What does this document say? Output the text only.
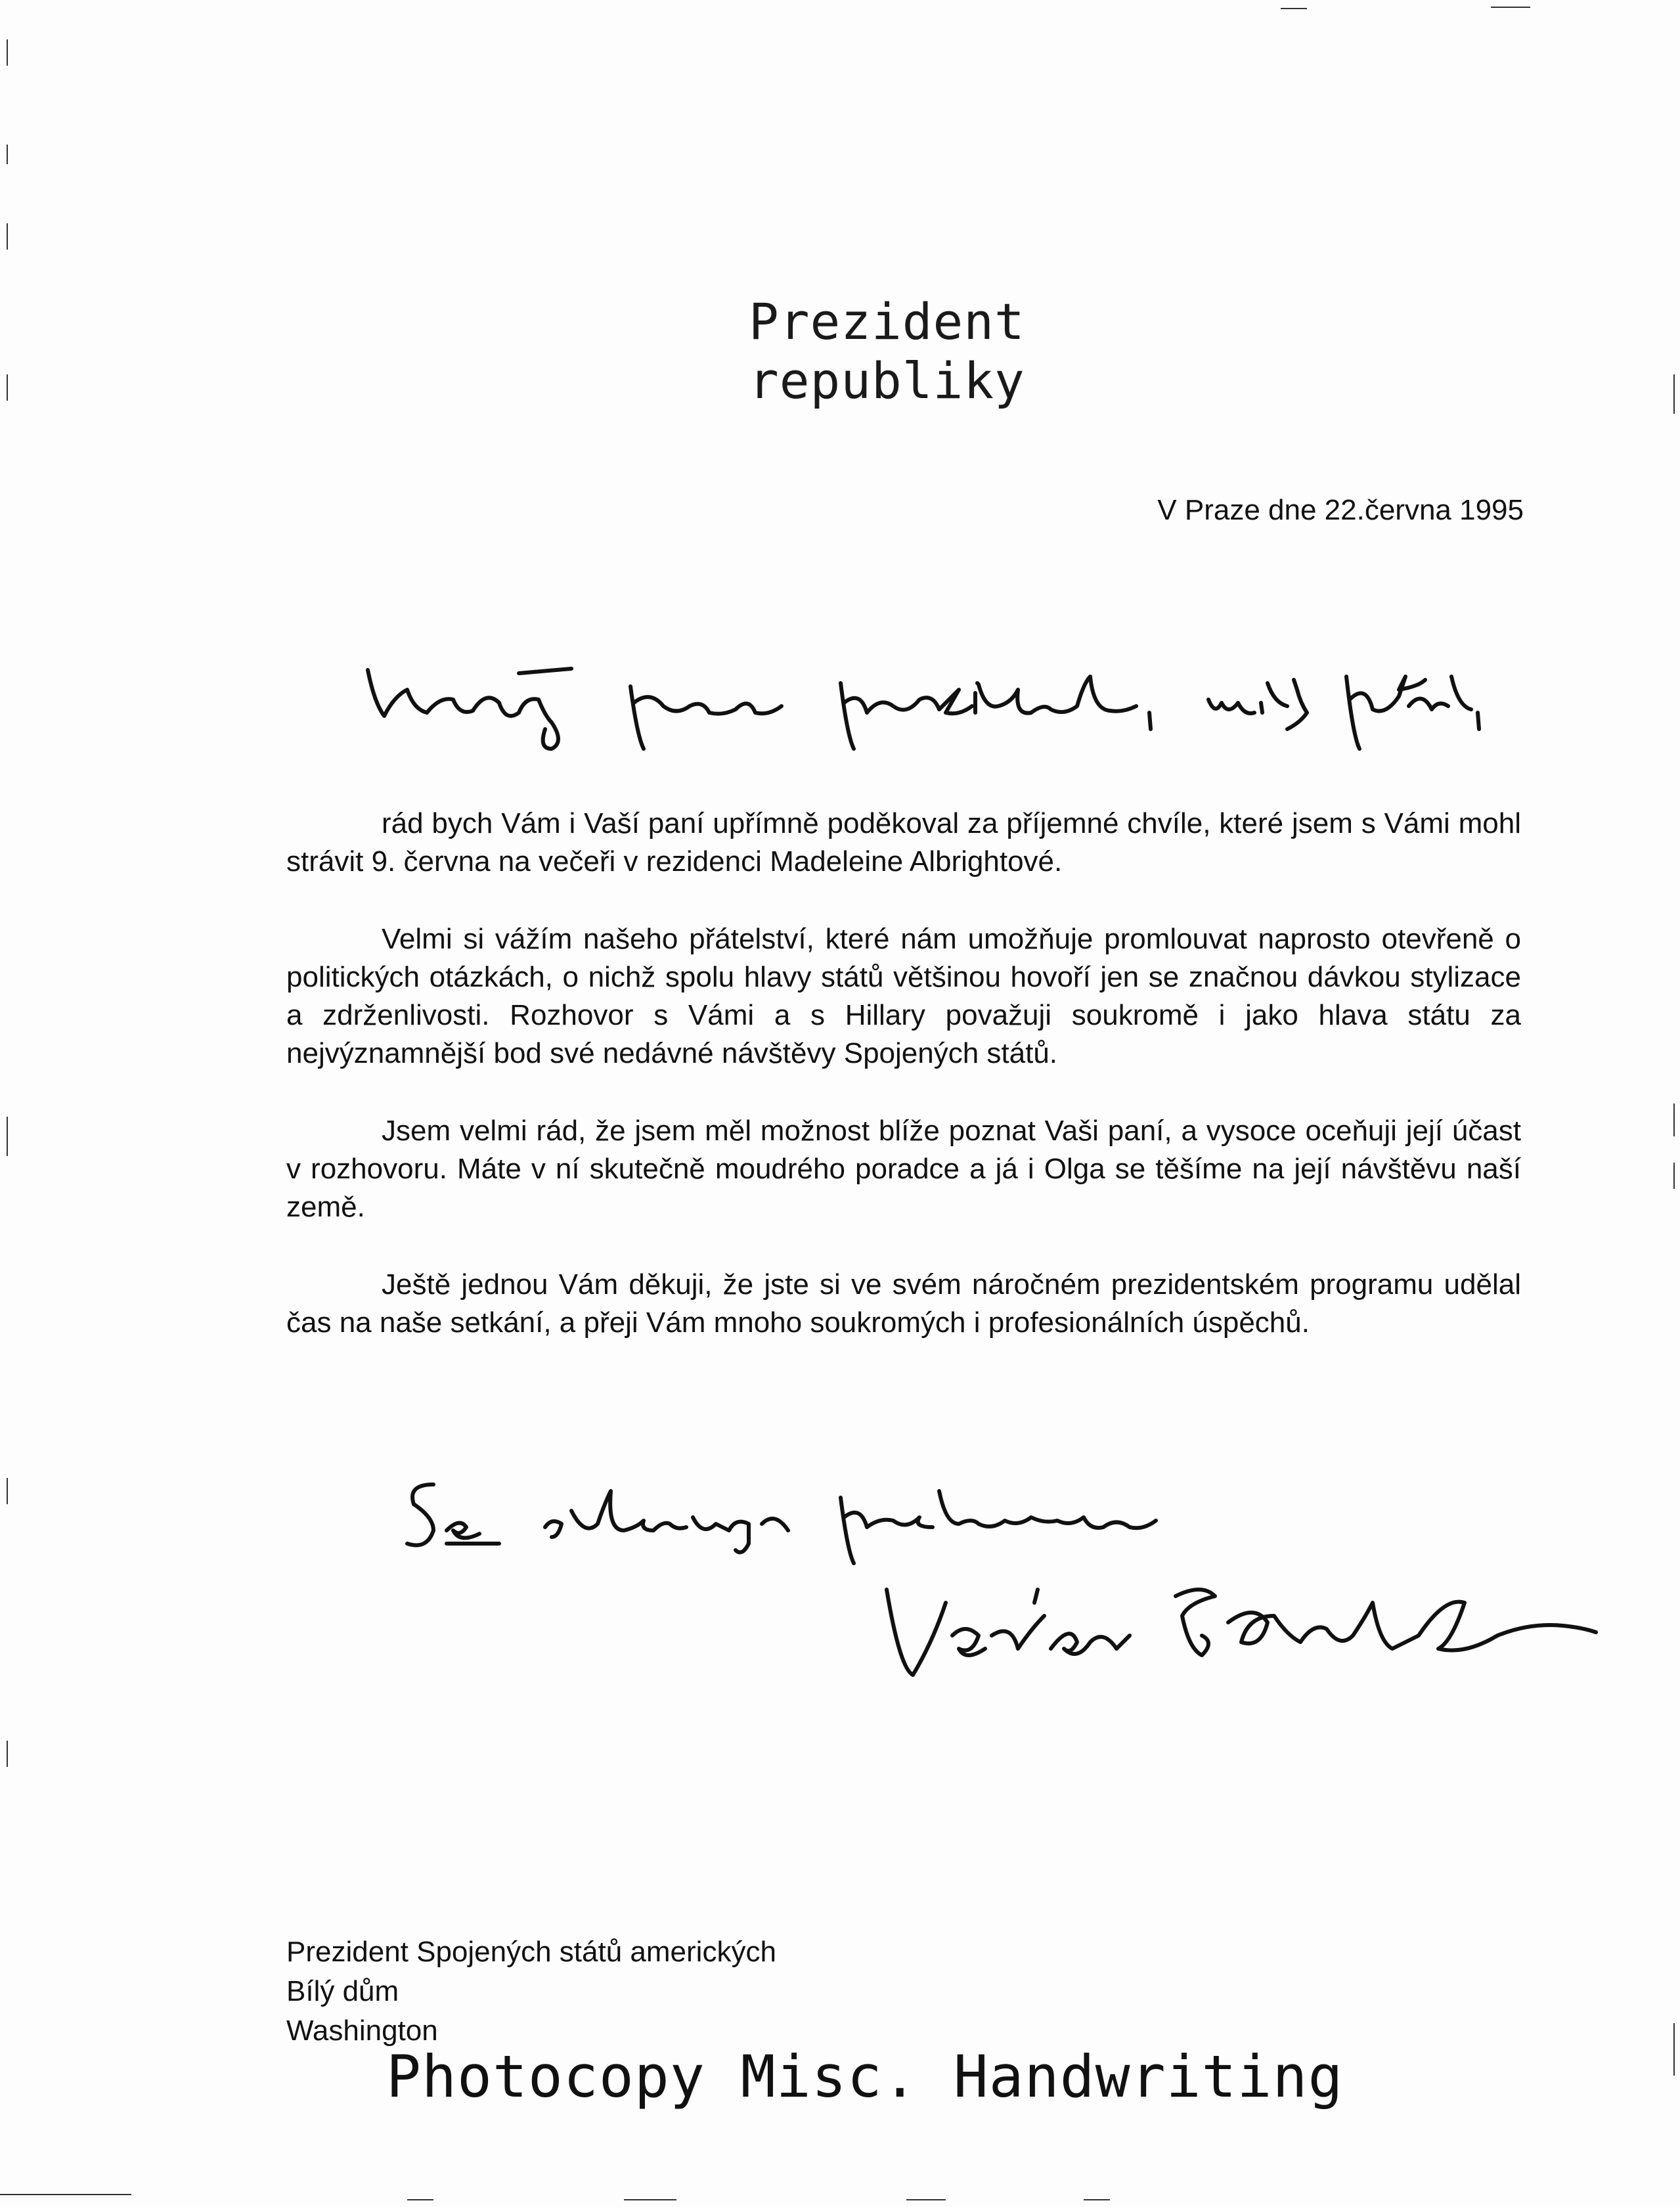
Prezident
republiky
V Praze dne 22.června 1995

rád bych Vám i Vaší paní upřímně poděkoval za příjemné chvíle, které jsem s Vámi mohl strávit 9. června na večeři v rezidenci Madeleine Albrightové.

Velmi si vážím našeho přátelství, které nám umožňuje promlouvat naprosto otevřeně o politických otázkách, o nichž spolu hlavy států většinou hovoří jen se značnou dávkou stylizace a zdrženlivosti. Rozhovor s Vámi a s Hillary považuji soukromě i jako hlava státu za nejvýznamnější bod své nedávné návštěvy Spojených států.

Jsem velmi rád, že jsem měl možnost blíže poznat Vaši paní, a vysoce oceňuji její účast v rozhovoru. Máte v ní skutečně moudrého poradce a já i Olga se těšíme na její návštěvu naší země.

Ještě jednou Vám děkuji, že jste si ve svém náročném prezidentském programu udělal čas na naše setkání, a přeji Vám mnoho soukromých i profesionálních úspěchů.

Prezident Spojených států amerických
Bílý dům
Washington
Photocopy Misc. Handwriting
